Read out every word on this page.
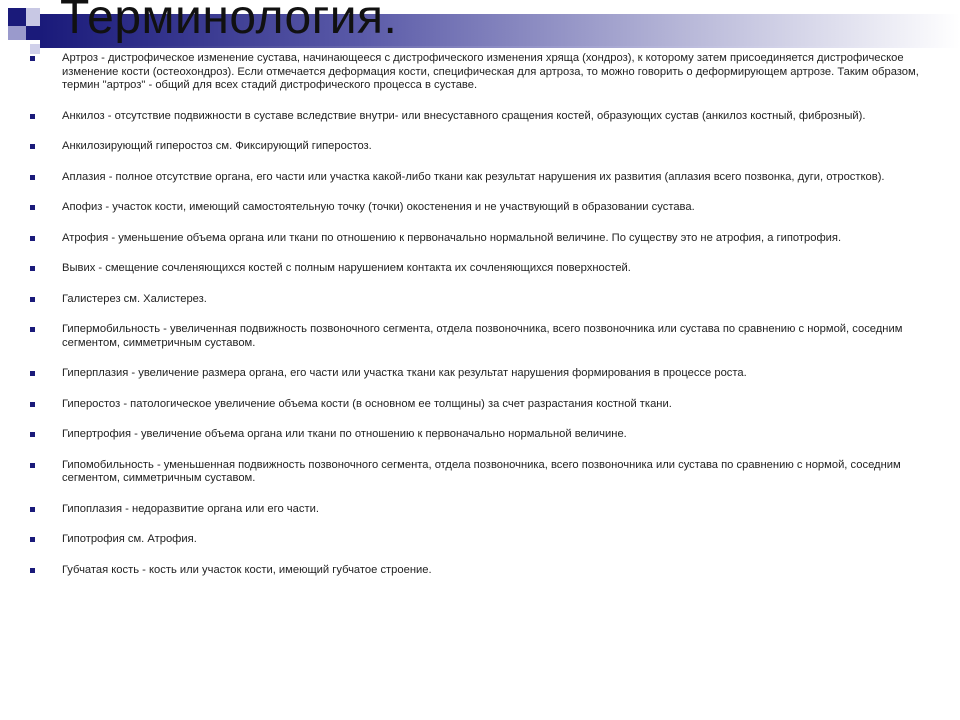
Терминология.
Артроз - дистрофическое изменение сустава, начинающееся с дистрофического изменения хряща (хондроз), к которому затем присоединяется дистрофическое изменение кости (остеохондроз). Если отмечается деформация кости, специфическая для артроза, то можно говорить о деформирующем артрозе. Таким образом, термин "артроз" - общий для всех стадий дистрофического процесса в суставе.
Анкилоз - отсутствие подвижности в суставе вследствие внутри- или внесуставного сращения костей, образующих сустав (анкилоз костный, фиброзный).
Анкилозирующий гиперостоз см. Фиксирующий гиперостоз.
Аплазия - полное отсутствие органа, его части или участка какой-либо ткани как результат нарушения их развития (аплазия всего позвонка, дуги, отростков).
Апофиз - участок кости, имеющий самостоятельную точку (точки) окостенения и не участвующий в образовании сустава.
Атрофия - уменьшение объема органа или ткани по отношению к первоначально нормальной величине. По существу это не атрофия, а гипотрофия.
Вывих - смещение сочленяющихся костей с полным нарушением контакта их сочленяющихся поверхностей.
Галистерез см. Халистерез.
Гипермобильность - увеличенная подвижность позвоночного сегмента, отдела позвоночника, всего позвоночника или сустава по сравнению с нормой, соседним сегментом, симметричным суставом.
Гиперплазия - увеличение размера органа, его части или участка ткани как результат нарушения формирования в процессе роста.
Гиперостоз - патологическое увеличение объема кости (в основном ее толщины) за счет разрастания костной ткани.
Гипертрофия - увеличение объема органа или ткани по отношению к первоначально нормальной величине.
Гипомобильность - уменьшенная подвижность позвоночного сегмента, отдела позвоночника, всего позвоночника или сустава по сравнению с нормой, соседним сегментом, симметричным суставом.
Гипоплазия - недоразвитие органа или его части.
Гипотрофия см. Атрофия.
Губчатая кость - кость или участок кости, имеющий губчатое строение.
